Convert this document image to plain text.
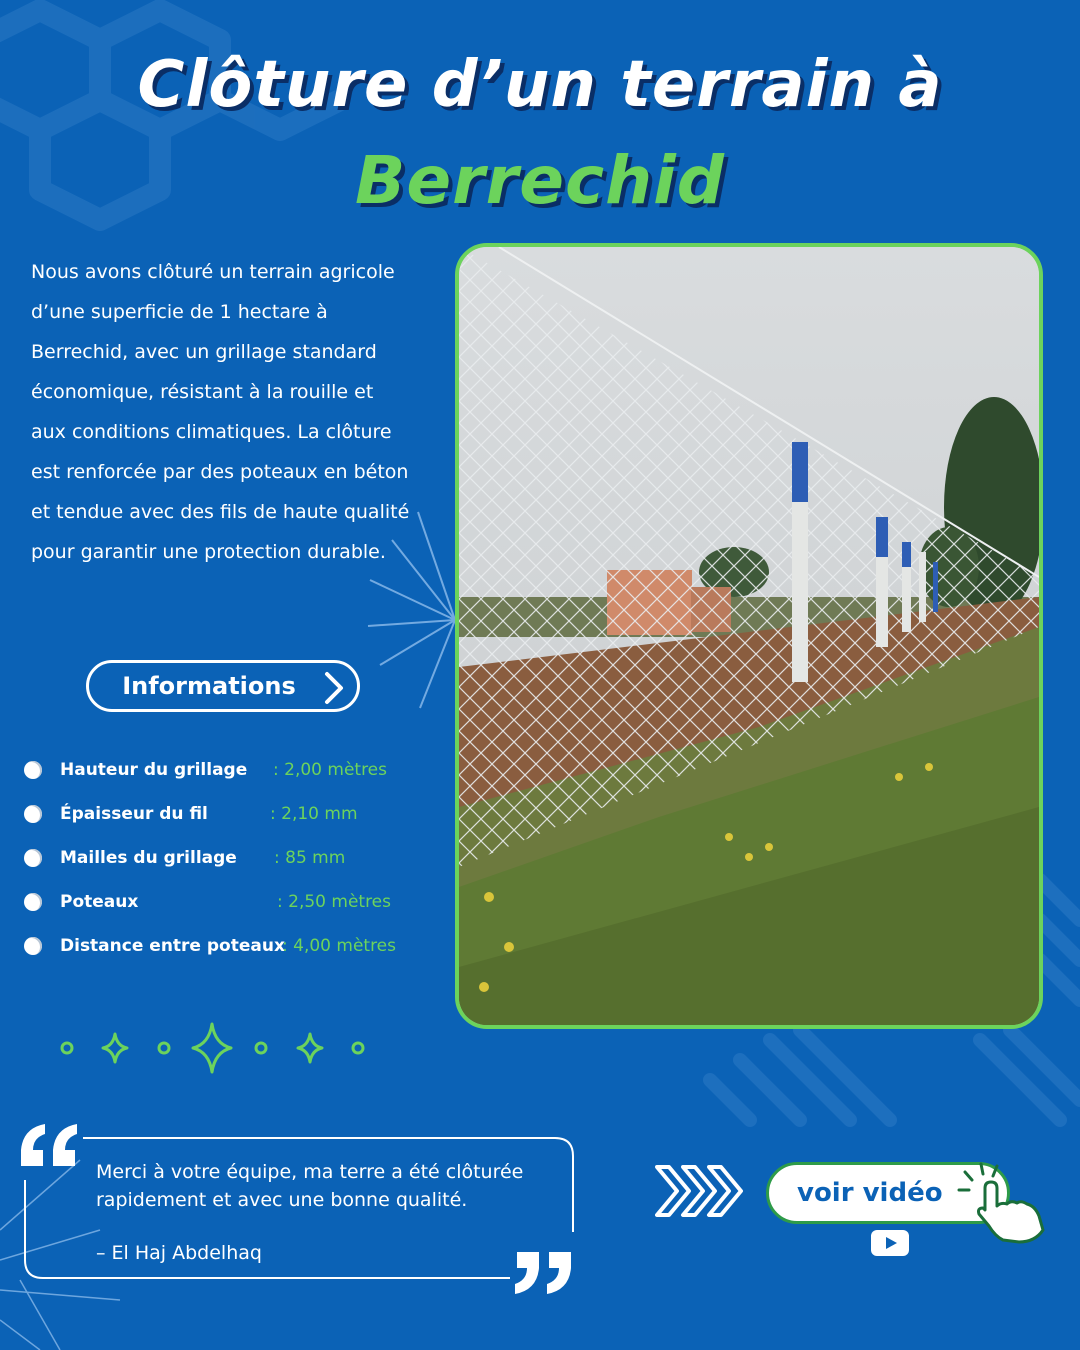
Clôture d’un terrain à
Berrechid
Nous avons clôturé un terrain agricole d’une superficie de 1 hectare à Berrechid, avec un grillage standard économique, résistant à la rouille et aux conditions climatiques. La clôture est renforcée par des poteaux en béton et tendue avec des fils de haute qualité pour garantir une protection durable.
Informations
Hauteur du grillage : 2,00 mètres
Épaisseur du fil	: 2,10 mm
Mailles du grillage : 85 mm
Poteaux	: 2,50 mètres
Distance entre poteaux
: 4,00 mètres
Merci à votre équipe, ma terre a été clôturée rapidement et avec une bonne qualité.
– El Haj Abdelhaq
voir vidéo
